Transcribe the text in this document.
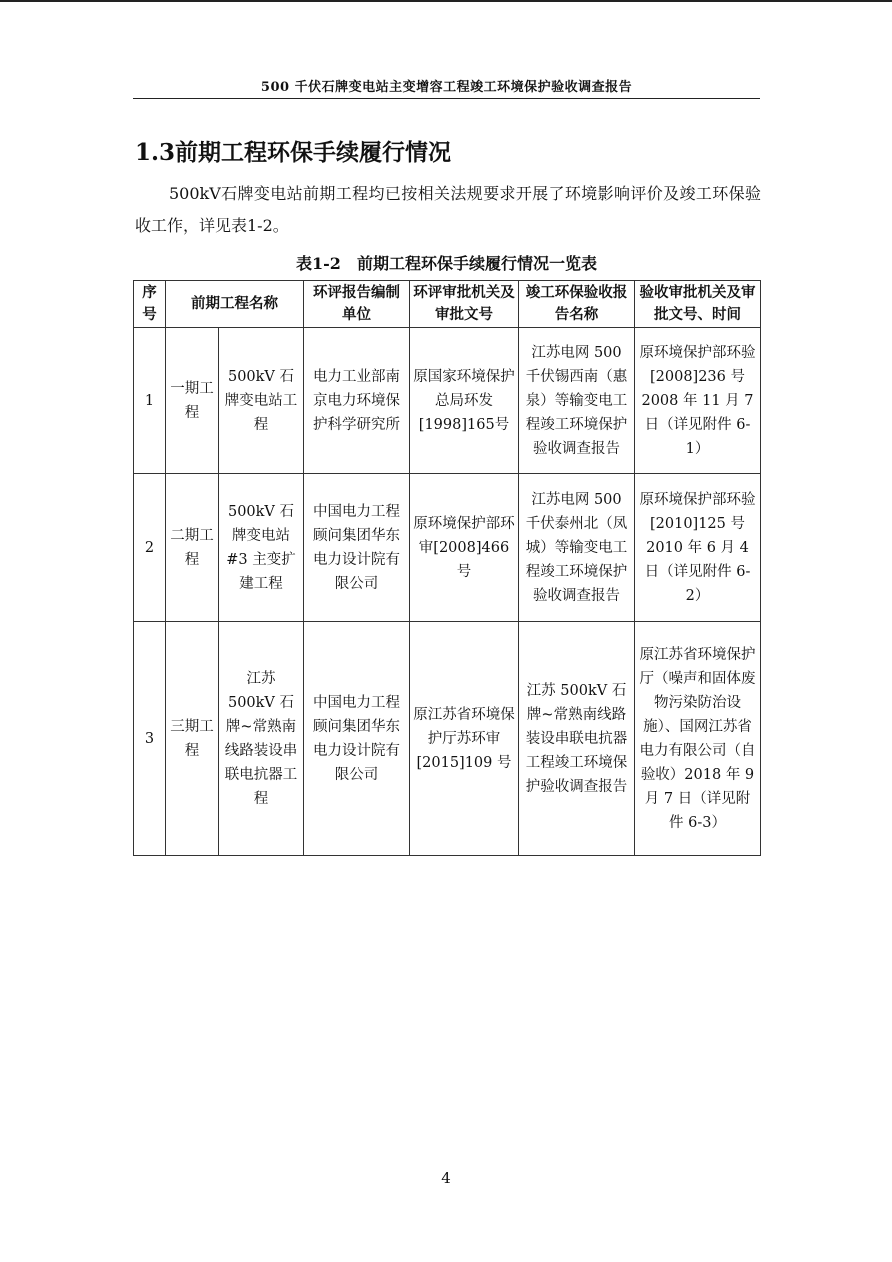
500 千伏石牌变电站主变增容工程竣工环境保护验收调查报告
1.3前期工程环保手续履行情况
500kV石牌变电站前期工程均已按相关法规要求开展了环境影响评价及竣工环保验收工作，详见表1-2。
表1-2　前期工程环保手续履行情况一览表
序号	前期工程名称		环评报告编制单位	环评审批机关及审批文号	竣工环保验收报告名称	验收审批机关及审批文号、时间
1	一期工程	500kV 石牌变电站工程	电力工业部南京电力环境保护科学研究所	原国家环境保护总局环发[1998]165号	江苏电网 500 千伏锡西南（惠泉）等输变电工程竣工环境保护验收调查报告	原环境保护部环验[2008]236 号 2008 年 11 月 7 日（详见附件 6-1）
2	二期工程	500kV 石牌变电站#3 主变扩建工程	中国电力工程顾问集团华东电力设计院有限公司	原环境保护部环审[2008]466号	江苏电网 500 千伏泰州北（凤城）等输变电工程竣工环境保护验收调查报告	原环境保护部环验[2010]125 号 2010 年 6 月 4 日（详见附件 6-2）
3	三期工程	江苏 500kV 石牌~常熟南线路装设串联电抗器工程	中国电力工程顾问集团华东电力设计院有限公司	原江苏省环境保护厅苏环审[2015]109 号	江苏 500kV 石牌~常熟南线路装设串联电抗器工程竣工环境保护验收调查报告	原江苏省环境保护厅（噪声和固体废物污染防治设施）、国网江苏省电力有限公司（自验收）2018 年 9 月 7 日（详见附件 6-3）
4
